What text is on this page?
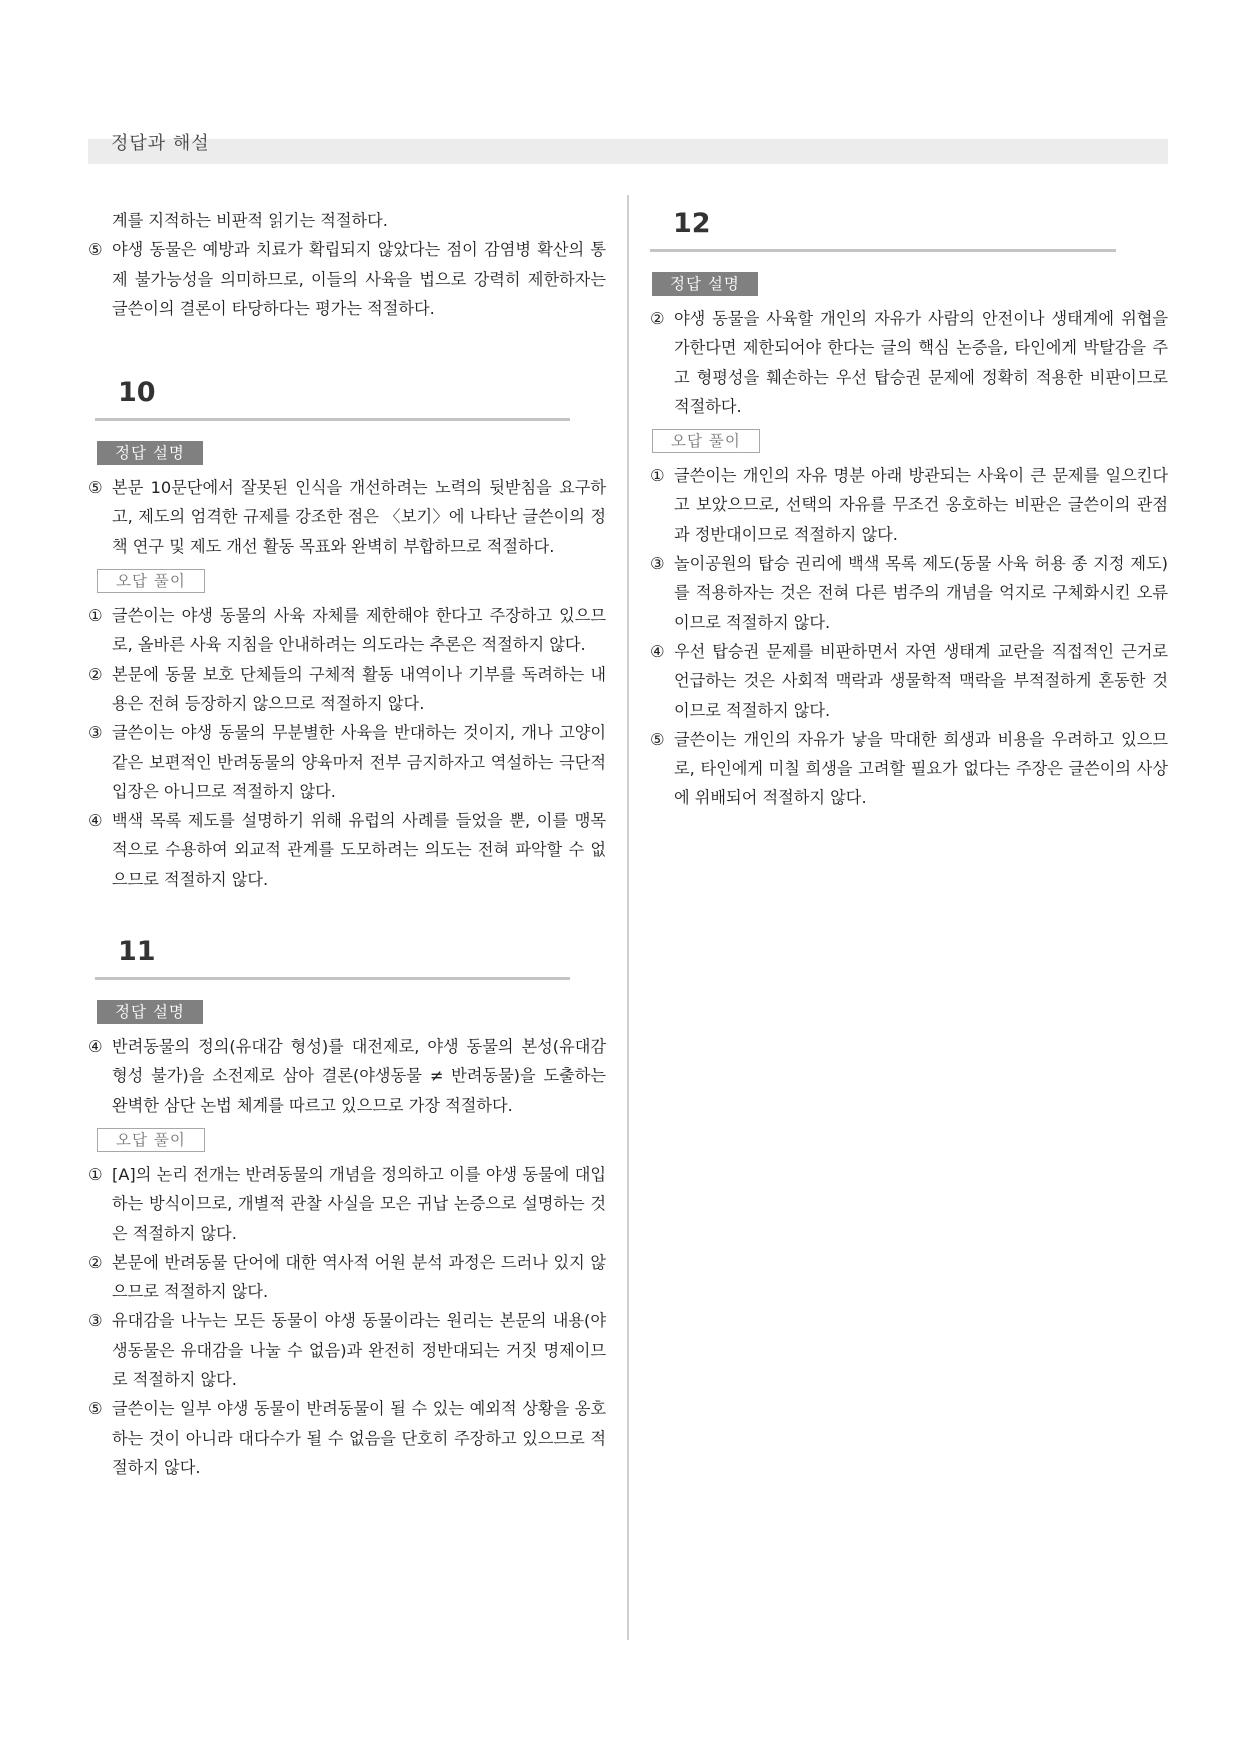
정답과 해설
계를 지적하는 비판적 읽기는 적절하다.
⑤ 야생 동물은 예방과 치료가 확립되지 않았다는 점이 감염병 확산의 통제 불가능성을 의미하므로, 이들의 사육을 법으로 강력히 제한하자는 글쓴이의 결론이 타당하다는 평가는 적절하다.
10
정답 설명
⑤ 본문 10문단에서 잘못된 인식을 개선하려는 노력의 뒷받침을 요구하고, 제도의 엄격한 규제를 강조한 점은 〈보기〉에 나타난 글쓴이의 정책 연구 및 제도 개선 활동 목표와 완벽히 부합하므로 적절하다.
오답 풀이
① 글쓴이는 야생 동물의 사육 자체를 제한해야 한다고 주장하고 있으므로, 올바른 사육 지침을 안내하려는 의도라는 추론은 적절하지 않다.
② 본문에 동물 보호 단체들의 구체적 활동 내역이나 기부를 독려하는 내용은 전혀 등장하지 않으므로 적절하지 않다.
③ 글쓴이는 야생 동물의 무분별한 사육을 반대하는 것이지, 개나 고양이 같은 보편적인 반려동물의 양육마저 전부 금지하자고 역설하는 극단적 입장은 아니므로 적절하지 않다.
④ 백색 목록 제도를 설명하기 위해 유럽의 사례를 들었을 뿐, 이를 맹목적으로 수용하여 외교적 관계를 도모하려는 의도는 전혀 파악할 수 없으므로 적절하지 않다.
11
정답 설명
④ 반려동물의 정의(유대감 형성)를 대전제로, 야생 동물의 본성(유대감 형성 불가)을 소전제로 삼아 결론(야생동물 ≠ 반려동물)을 도출하는 완벽한 삼단 논법 체계를 따르고 있으므로 가장 적절하다.
오답 풀이
① [A]의 논리 전개는 반려동물의 개념을 정의하고 이를 야생 동물에 대입하는 방식이므로, 개별적 관찰 사실을 모은 귀납 논증으로 설명하는 것은 적절하지 않다.
② 본문에 반려동물 단어에 대한 역사적 어원 분석 과정은 드러나 있지 않으므로 적절하지 않다.
③ 유대감을 나누는 모든 동물이 야생 동물이라는 원리는 본문의 내용(야생동물은 유대감을 나눌 수 없음)과 완전히 정반대되는 거짓 명제이므로 적절하지 않다.
⑤ 글쓴이는 일부 야생 동물이 반려동물이 될 수 있는 예외적 상황을 옹호하는 것이 아니라 대다수가 될 수 없음을 단호히 주장하고 있으므로 적절하지 않다.
12
정답 설명
② 야생 동물을 사육할 개인의 자유가 사람의 안전이나 생태계에 위협을 가한다면 제한되어야 한다는 글의 핵심 논증을, 타인에게 박탈감을 주고 형평성을 훼손하는 우선 탑승권 문제에 정확히 적용한 비판이므로 적절하다.
오답 풀이
① 글쓴이는 개인의 자유 명분 아래 방관되는 사육이 큰 문제를 일으킨다고 보았으므로, 선택의 자유를 무조건 옹호하는 비판은 글쓴이의 관점과 정반대이므로 적절하지 않다.
③ 놀이공원의 탑승 권리에 백색 목록 제도(동물 사육 허용 종 지정 제도)를 적용하자는 것은 전혀 다른 범주의 개념을 억지로 구체화시킨 오류이므로 적절하지 않다.
④ 우선 탑승권 문제를 비판하면서 자연 생태계 교란을 직접적인 근거로 언급하는 것은 사회적 맥락과 생물학적 맥락을 부적절하게 혼동한 것이므로 적절하지 않다.
⑤ 글쓴이는 개인의 자유가 낳을 막대한 희생과 비용을 우려하고 있으므로, 타인에게 미칠 희생을 고려할 필요가 없다는 주장은 글쓴이의 사상에 위배되어 적절하지 않다.
